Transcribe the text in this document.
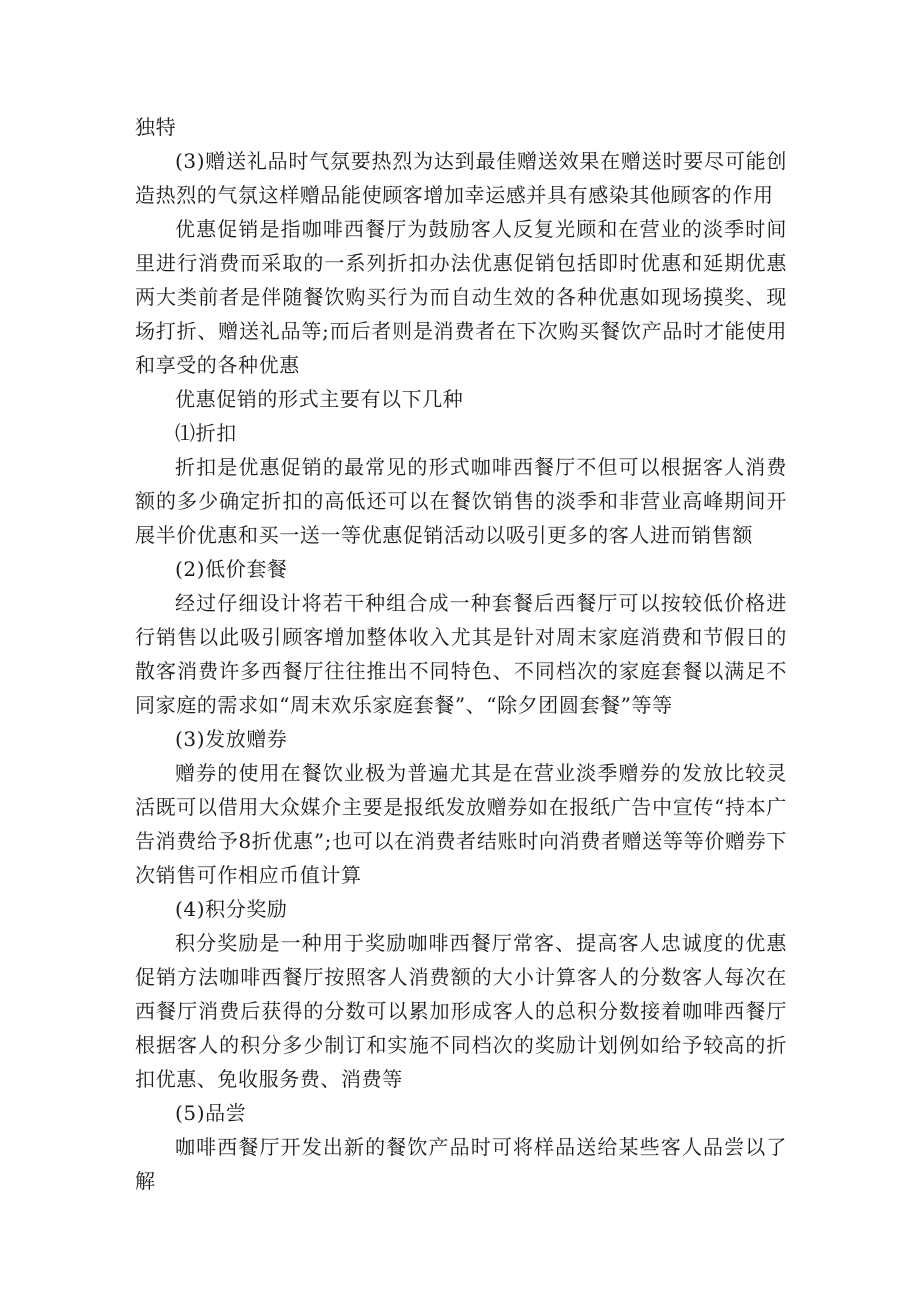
独特

(3)赠送礼品时气氛要热烈为达到最佳赠送效果在赠送时要尽可能创造热烈的气氛这样赠品能使顾客增加幸运感并具有感染其他顾客的作用

优惠促销是指咖啡西餐厅为鼓励客人反复光顾和在营业的淡季时间里进行消费而采取的一系列折扣办法优惠促销包括即时优惠和延期优惠两大类前者是伴随餐饮购买行为而自动生效的各种优惠如现场摸奖、现场打折、赠送礼品等;而后者则是消费者在下次购买餐饮产品时才能使用和享受的各种优惠

优惠促销的形式主要有以下几种

⑴折扣

折扣是优惠促销的最常见的形式咖啡西餐厅不但可以根据客人消费额的多少确定折扣的高低还可以在餐饮销售的淡季和非营业高峰期间开展半价优惠和买一送一等优惠促销活动以吸引更多的客人进而销售额

(2)低价套餐

经过仔细设计将若干种组合成一种套餐后西餐厅可以按较低价格进行销售以此吸引顾客增加整体收入尤其是针对周末家庭消费和节假日的散客消费许多西餐厅往往推出不同特色、不同档次的家庭套餐以满足不同家庭的需求如“周末欢乐家庭套餐”、“除夕团圆套餐”等等

(3)发放赠券

赠券的使用在餐饮业极为普遍尤其是在营业淡季赠券的发放比较灵活既可以借用大众媒介主要是报纸发放赠券如在报纸广告中宣传“持本广告消费给予8折优惠”;也可以在消费者结账时向消费者赠送等等价赠券下次销售可作相应币值计算

(4)积分奖励

积分奖励是一种用于奖励咖啡西餐厅常客、提高客人忠诚度的优惠促销方法咖啡西餐厅按照客人消费额的大小计算客人的分数客人每次在西餐厅消费后获得的分数可以累加形成客人的总积分数接着咖啡西餐厅根据客人的积分多少制订和实施不同档次的奖励计划例如给予较高的折扣优惠、免收服务费、消费等

(5)品尝

咖啡西餐厅开发出新的餐饮产品时可将样品送给某些客人品尝以了解
